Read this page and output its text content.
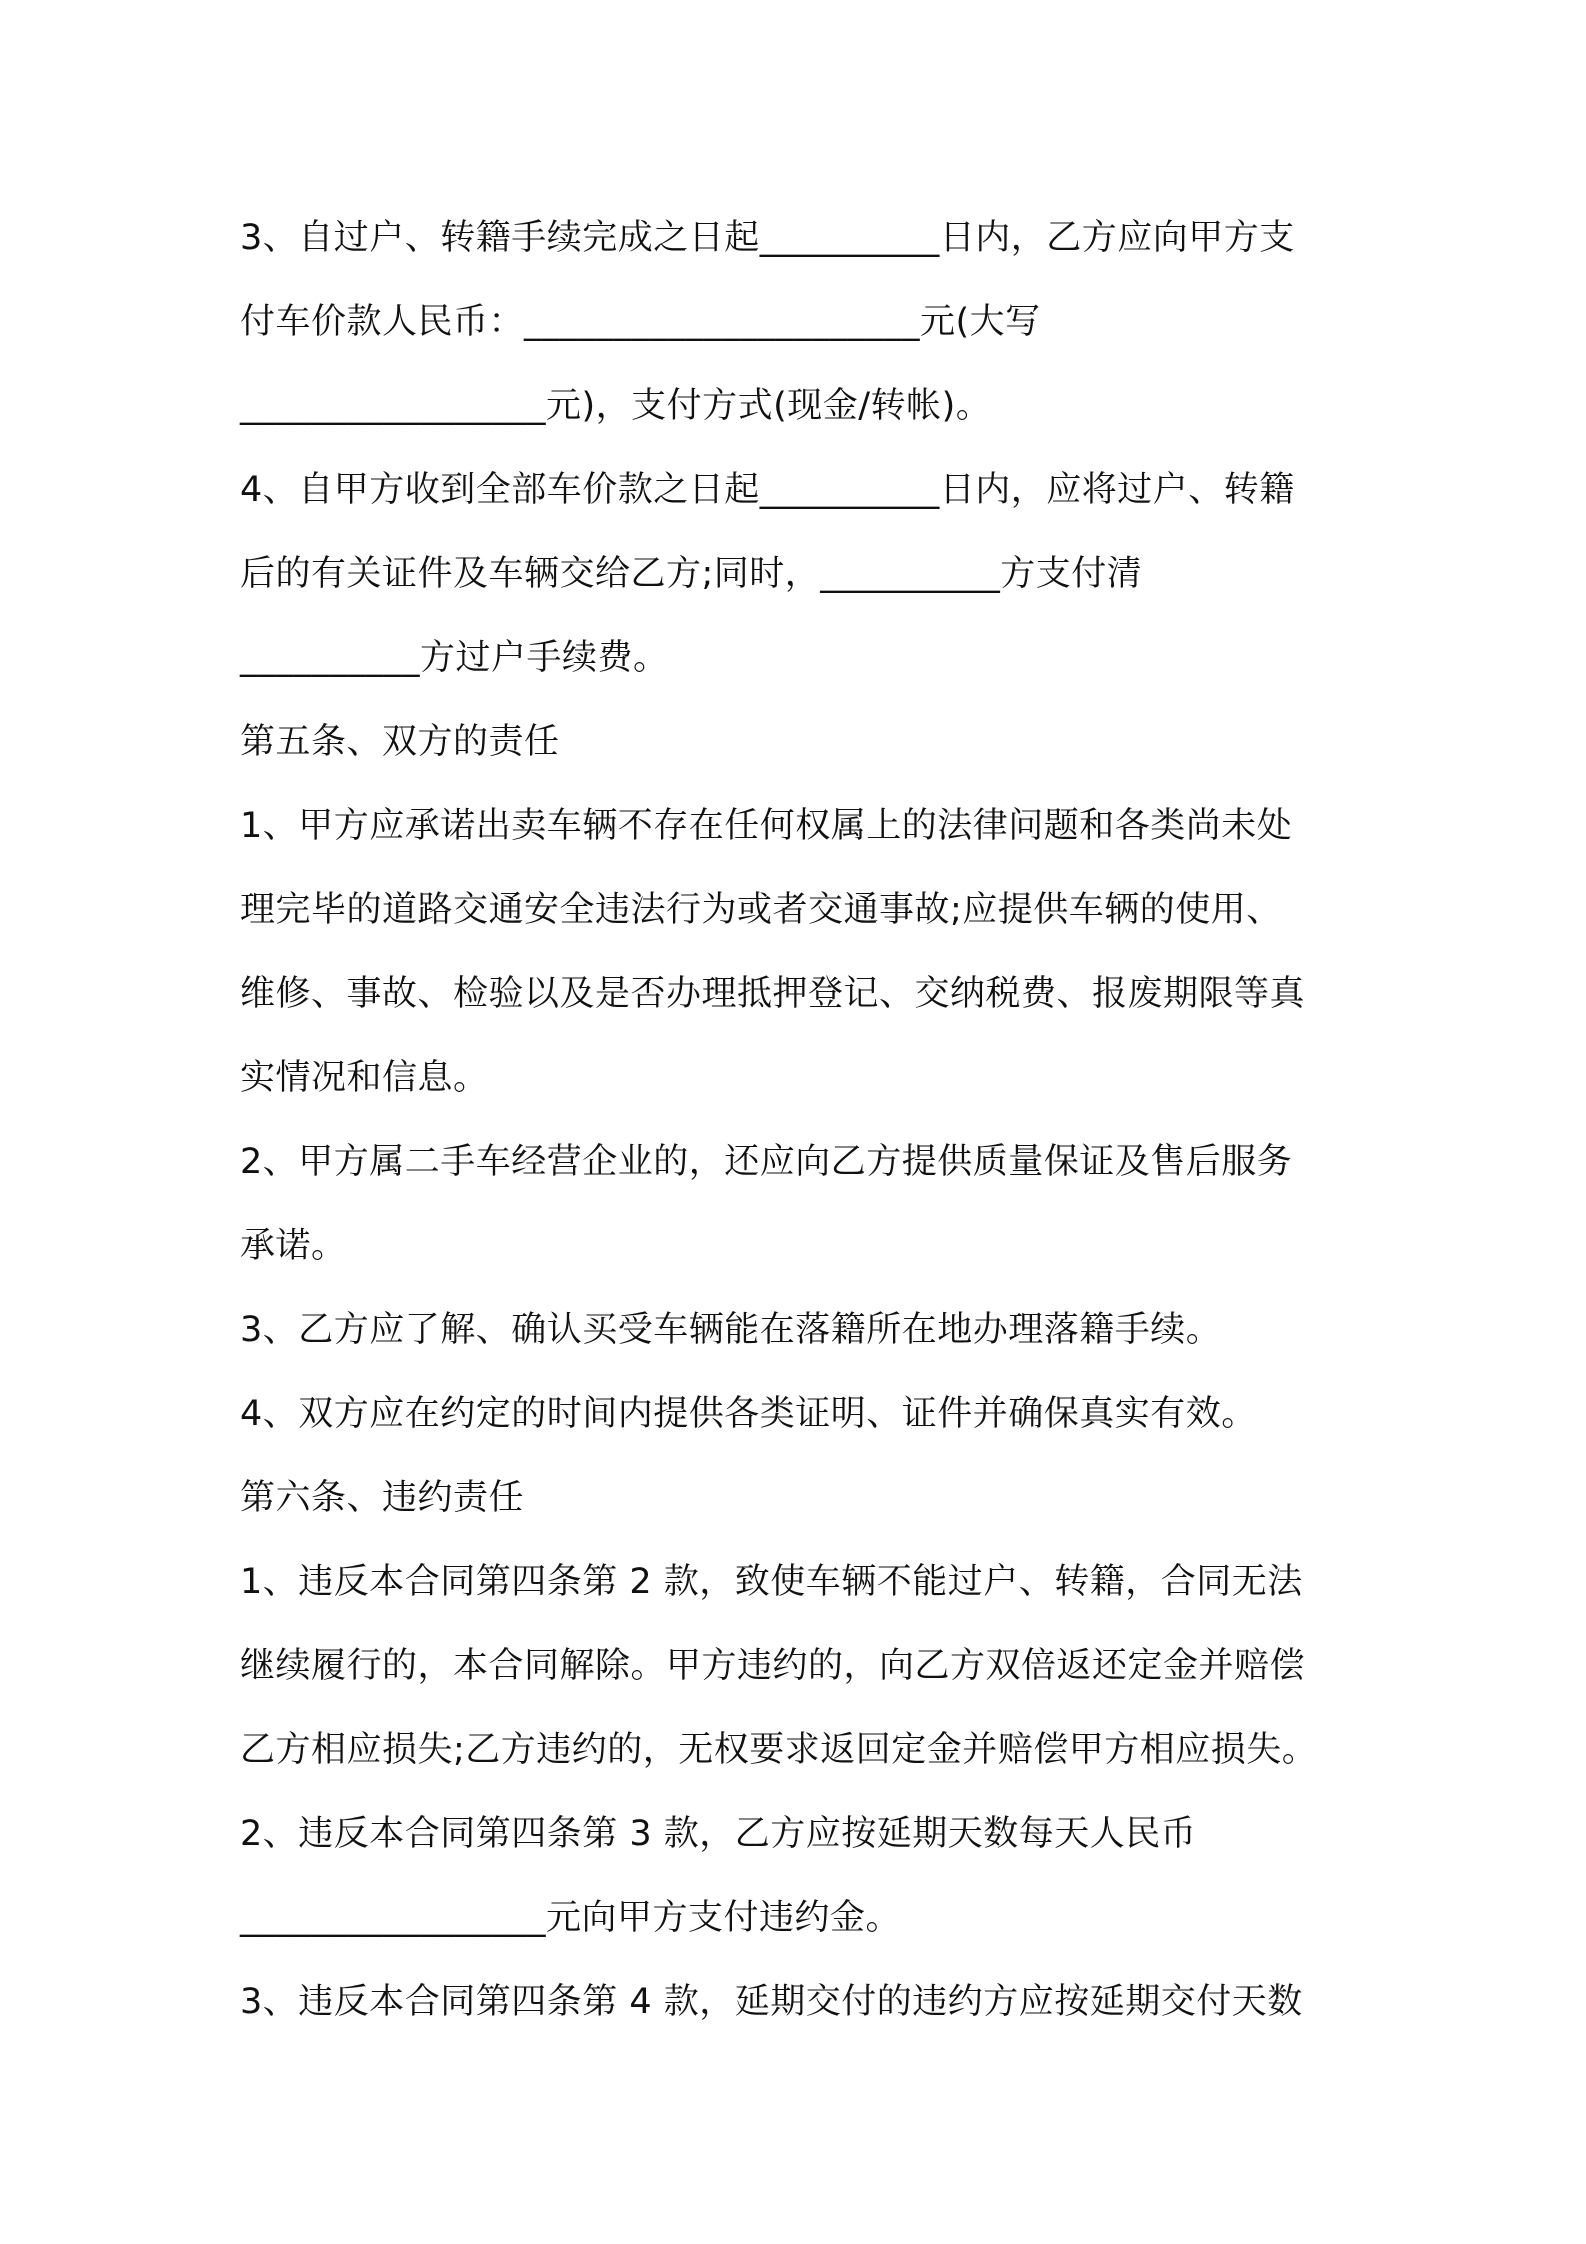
3、自过户、转籍手续完成之日起__________日内，乙方应向甲方支
付车价款人民币：______________________元(大写
_________________元)，支付方式(现金/转帐)。
4、自甲方收到全部车价款之日起__________日内，应将过户、转籍
后的有关证件及车辆交给乙方;同时，__________方支付清
__________方过户手续费。
第五条、双方的责任
1、甲方应承诺出卖车辆不存在任何权属上的法律问题和各类尚未处
理完毕的道路交通安全违法行为或者交通事故;应提供车辆的使用、
维修、事故、检验以及是否办理抵押登记、交纳税费、报废期限等真
实情况和信息。
2、甲方属二手车经营企业的，还应向乙方提供质量保证及售后服务
承诺。
3、乙方应了解、确认买受车辆能在落籍所在地办理落籍手续。
4、双方应在约定的时间内提供各类证明、证件并确保真实有效。
第六条、违约责任
1、违反本合同第四条第 2 款，致使车辆不能过户、转籍，合同无法
继续履行的，本合同解除。甲方违约的，向乙方双倍返还定金并赔偿
乙方相应损失;乙方违约的，无权要求返回定金并赔偿甲方相应损失。
2、违反本合同第四条第 3 款，乙方应按延期天数每天人民币
_________________元向甲方支付违约金。
3、违反本合同第四条第 4 款，延期交付的违约方应按延期交付天数
